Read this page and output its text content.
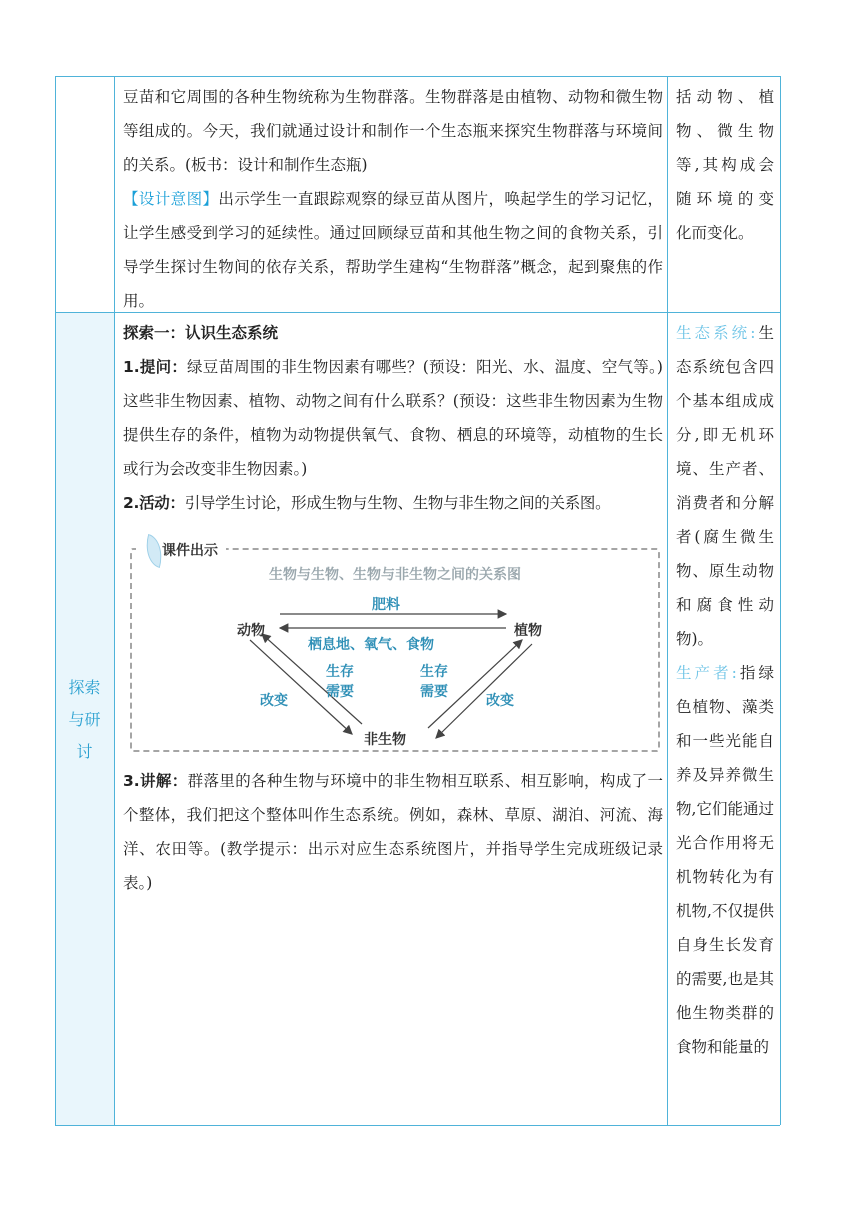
探索
与研
讨

豆苗和它周围的各种生物统称为生物群落。生物群落是由植物、动物和微生物等组成的。今天，我们就通过设计和制作一个生态瓶来探究生物群落与环境间的关系。(板书：设计和制作生态瓶)

【设计意图】出示学生一直跟踪观察的绿豆苗从图片，唤起学生的学习记忆，让学生感受到学习的延续性。通过回顾绿豆苗和其他生物之间的食物关系，引导学生探讨生物间的依存关系，帮助学生建构“生物群落”概念，起到聚焦的作用。

括动物、植

物、微生物

等,其构成会

随环境的变

化而变化。

探索一：认识生态系统

1.提问：绿豆苗周围的非生物因素有哪些？(预设：阳光、水、温度、空气等。)这些非生物因素、植物、动物之间有什么联系？(预设：这些非生物因素为生物提供生存的条件，植物为动物提供氧气、食物、栖息的环境等，动植物的生长或行为会改变非生物因素。)

2.活动：引导学生讨论，形成生物与生物、生物与非生物之间的关系图。

3.讲解：群落里的各种生物与环境中的非生物相互联系、相互影响，构成了一个整体，我们把这个整体叫作生态系统。例如，森林、草原、湖泊、河流、海洋、农田等。(教学提示：出示对应生态系统图片，并指导学生完成班级记录表。)

课件出示
生物与生物、生物与非生物之间的关系图
动物	植物
非生物
肥料
栖息地、氧气、食物
生存
需要
生存
需要
改变	改变

生态系统:生态系统包含四个基本组成成分,即无机环境、生产者、消费者和分解者(腐生微生物、原生动物和腐食性动物)。

生产者:指绿色植物、藻类和一些光能自养及异养微生物,它们能通过光合作用将无机物转化为有机物,不仅提供自身生长发育的需要,也是其他生物类群的食物和能量的
